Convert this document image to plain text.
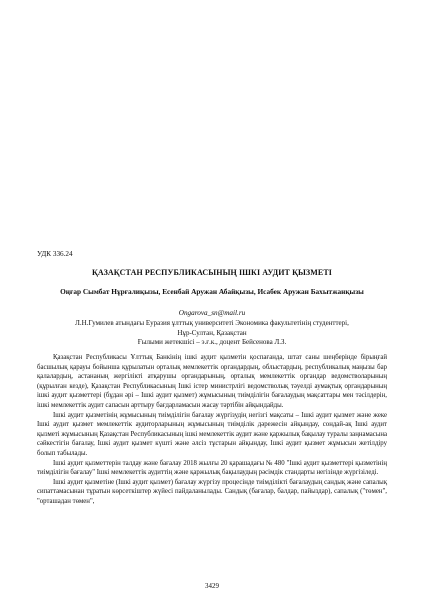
УДК 336.24
ҚАЗАҚСТАН РЕСПУБЛИКАСЫНЫҢ ІШКІ АУДИТ ҚЫЗМЕТІ
Оңғар Сымбат Нұрғалиқызы, Есенбай Аружан Абайқызы, Исабек Аружан Бахытжанқызы
Ongarova_sn@mail.ru
Л.Н.Гумилев атындағы Еуразия ұлттық университеті Экономика факультетінің студенттері,
Нұр-Султан, Қазақстан
Ғылыми жетекшісі – э.ғ.к., доцент Бейсенова Л.З.

Қазақстан Республикасы Ұлттық Банкінің ішкі аудит қызметін қоспағанда, штат саны шеңберінде бірыңғай басшылық қарауы бойынша құрылатын орталық мемлекеттік органдардың, облыстардың, республикалық маңызы бар қалалардың, астананың жергілікті атқарушы органдарының, орталық мемлекеттік органдар ведомстволарының (құрылған кезде), Қазақстан Республикасының Ішкі істер министрлігі ведомстволық тәуелді аумақтық органдарының ішкі аудит қызметтері (бұдан әрі – Ішкі аудит қызмет) жұмысының тиімділігін бағалаудың мақсаттары мен тәсілдерін, ішкі мемлекеттік аудит сапасын арттыру бағдарламасын жасау тәртібін айқындайды.

Ішкі аудит қызметінің жұмысының тиімділігін бағалау жүргізудің негізгі мақсаты – Ішкі аудит қызмет және жеке Ішкі аудит қызмет мемлекеттік аудиторларының жұмысының тиімділік дәрежесін айқындау, сондай-ақ Ішкі аудит қызметі жұмысының Қазақстан Республикасының ішкі мемлекеттік аудит және қаржылық бақылау туралы заңнамасына сәйкестігін бағалау, Ішкі аудит қызмет күшті және әлсіз тұстарын айқындау, Ішкі аудит қызмет жұмысын жетілдіру болып табылады.

Ішкі аудит қызметтерін талдау және бағалау 2018 жылғы 20 қарашадағы № 480 "Ішкі аудит қызметтері қызметінің тиімділігін бағалау" Ішкі мемлекеттік аудиттің және қаржылық бақылаудың рәсімдік стандарты негізінде жүргізіледі.

Ішкі аудит қызметіне (Ішкі аудит қызмет) бағалау жүргізу процесінде тиімділікті бағалаудың сандық және сапалық сипаттамасынан тұратын көрсеткіштер жүйесі пайдаланылады. Сандық (бағалар, балдар, пайыздар), сапалық ("төмен", "орташадан төмен",

3429
